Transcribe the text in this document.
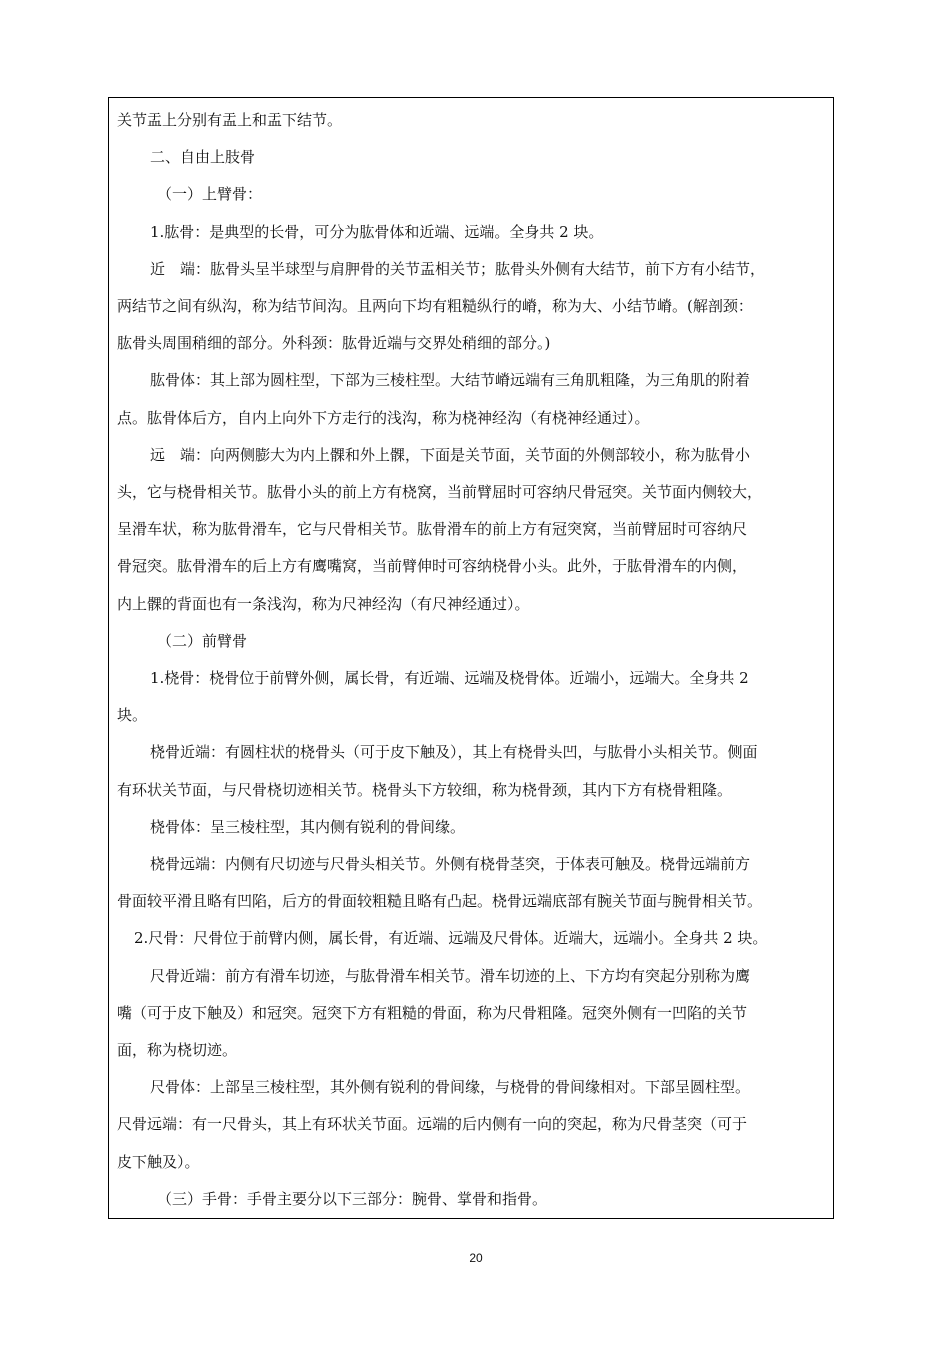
关节盂上分别有盂上和盂下结节。

二、自由上肢骨

（一）上臂骨：

1.肱骨：是典型的长骨，可分为肱骨体和近端、远端。全身共 2 块。

近　端：肱骨头呈半球型与肩胛骨的关节盂相关节；肱骨头外侧有大结节，前下方有小结节，

两结节之间有纵沟，称为结节间沟。且两向下均有粗糙纵行的嵴，称为大、小结节嵴。(解剖颈：

肱骨头周围稍细的部分。外科颈：肱骨近端与交界处稍细的部分。)

肱骨体：其上部为圆柱型，下部为三棱柱型。大结节嵴远端有三角肌粗隆，为三角肌的附着

点。肱骨体后方，自内上向外下方走行的浅沟，称为桡神经沟（有桡神经通过）。

远　端：向两侧膨大为内上髁和外上髁，下面是关节面，关节面的外侧部较小，称为肱骨小

头，它与桡骨相关节。肱骨小头的前上方有桡窝，当前臂屈时可容纳尺骨冠突。关节面内侧较大，

呈滑车状，称为肱骨滑车，它与尺骨相关节。肱骨滑车的前上方有冠突窝，当前臂屈时可容纳尺

骨冠突。肱骨滑车的后上方有鹰嘴窝，当前臂伸时可容纳桡骨小头。此外，于肱骨滑车的内侧，

内上髁的背面也有一条浅沟，称为尺神经沟（有尺神经通过）。

（二）前臂骨

1.桡骨：桡骨位于前臂外侧，属长骨，有近端、远端及桡骨体。近端小，远端大。全身共 2

块。

桡骨近端：有圆柱状的桡骨头（可于皮下触及），其上有桡骨头凹，与肱骨小头相关节。侧面

有环状关节面，与尺骨桡切迹相关节。桡骨头下方较细，称为桡骨颈，其内下方有桡骨粗隆。

桡骨体：呈三棱柱型，其内侧有锐利的骨间缘。

桡骨远端：内侧有尺切迹与尺骨头相关节。外侧有桡骨茎突，于体表可触及。桡骨远端前方

骨面较平滑且略有凹陷，后方的骨面较粗糙且略有凸起。桡骨远端底部有腕关节面与腕骨相关节。

2.尺骨：尺骨位于前臂内侧，属长骨，有近端、远端及尺骨体。近端大，远端小。全身共 2 块。

尺骨近端：前方有滑车切迹，与肱骨滑车相关节。滑车切迹的上、下方均有突起分别称为鹰

嘴（可于皮下触及）和冠突。冠突下方有粗糙的骨面，称为尺骨粗隆。冠突外侧有一凹陷的关节

面，称为桡切迹。

尺骨体：上部呈三棱柱型，其外侧有锐利的骨间缘，与桡骨的骨间缘相对。下部呈圆柱型。

尺骨远端：有一尺骨头，其上有环状关节面。远端的后内侧有一向的突起，称为尺骨茎突（可于

皮下触及）。

（三）手骨：手骨主要分以下三部分：腕骨、掌骨和指骨。

20
